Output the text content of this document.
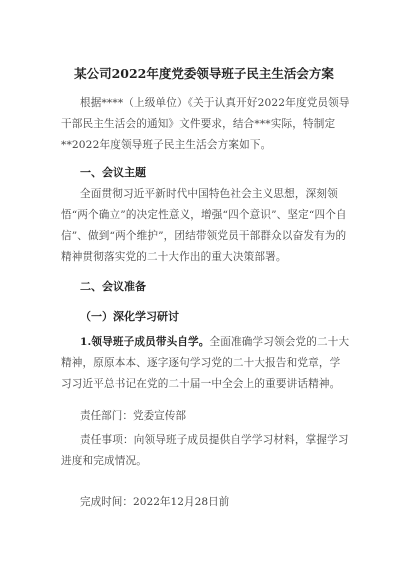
某公司2022年度党委领导班子民主生活会方案

根据****（上级单位）《关于认真开好2022年度党员领导干部民主生活会的通知》文件要求，结合***实际，特制定**2022年度领导班子民主生活会方案如下。

一、会议主题

全面贯彻习近平新时代中国特色社会主义思想，深刻领悟“两个确立”的决定性意义，增强“四个意识”、坚定“四个自信”、做到“两个维护”，团结带领党员干部群众以奋发有为的精神贯彻落实党的二十大作出的重大决策部署。

二、会议准备
（一）深化学习研讨

1.领导班子成员带头自学。全面准确学习领会党的二十大精神，原原本本、逐字逐句学习党的二十大报告和党章，学习习近平总书记在党的二十届一中全会上的重要讲话精神。

责任部门：党委宣传部

责任事项：向领导班子成员提供自学学习材料，掌握学习进度和完成情况。

完成时间：2022年12月28日前
